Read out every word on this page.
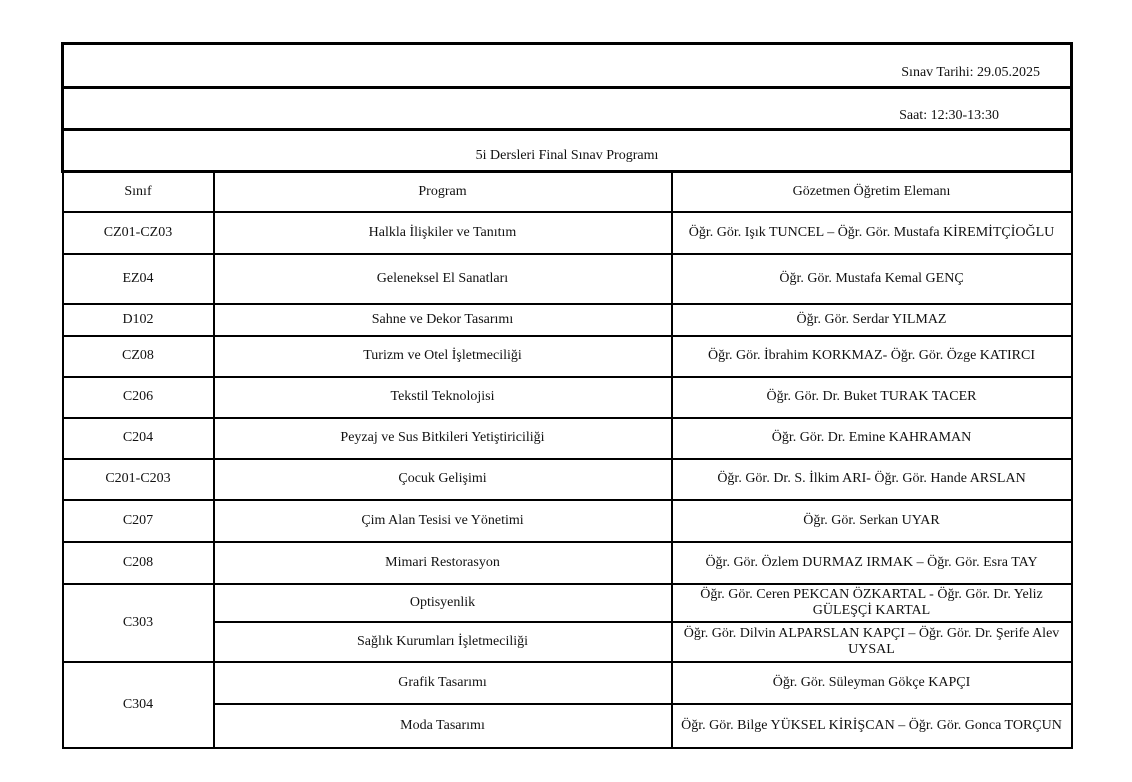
Sınav Tarihi: 29.05.2025		
Saat: 12:30-13:30		
5i Dersleri Final Sınav Programı		
Sınıf	Program	Gözetmen Öğretim Elemanı
CZ01-CZ03	Halkla İlişkiler ve Tanıtım	Öğr. Gör. Işık TUNCEL – Öğr. Gör. Mustafa KİREMİTÇİOĞLU
EZ04	Geleneksel El Sanatları	Öğr. Gör. Mustafa Kemal GENÇ
D102	Sahne ve Dekor Tasarımı	Öğr. Gör. Serdar YILMAZ
CZ08	Turizm ve Otel İşletmeciliği	Öğr. Gör. İbrahim KORKMAZ- Öğr. Gör. Özge KATIRCI
C206	Tekstil Teknolojisi	Öğr. Gör. Dr. Buket TURAK TACER
C204	Peyzaj ve Sus Bitkileri Yetiştiriciliği	Öğr. Gör. Dr. Emine KAHRAMAN
C201-C203	Çocuk Gelişimi	Öğr. Gör. Dr. S. İlkim ARI- Öğr. Gör. Hande ARSLAN
C207	Çim Alan Tesisi ve Yönetimi	Öğr. Gör. Serkan UYAR
C208	Mimari Restorasyon	Öğr. Gör. Özlem DURMAZ IRMAK – Öğr. Gör. Esra TAY
C303	Optisyenlik	Öğr. Gör. Ceren PEKCAN ÖZKARTAL - Öğr. Gör. Dr. Yeliz GÜLEŞÇİ KARTAL
	Sağlık Kurumları İşletmeciliği	Öğr. Gör. Dilvin ALPARSLAN KAPÇI – Öğr. Gör. Dr. Şerife Alev UYSAL
C304	Grafik Tasarımı	Öğr. Gör. Süleyman Gökçe KAPÇI
	Moda Tasarımı	Öğr. Gör. Bilge YÜKSEL KİRİŞCAN – Öğr. Gör. Gonca TORÇUN
